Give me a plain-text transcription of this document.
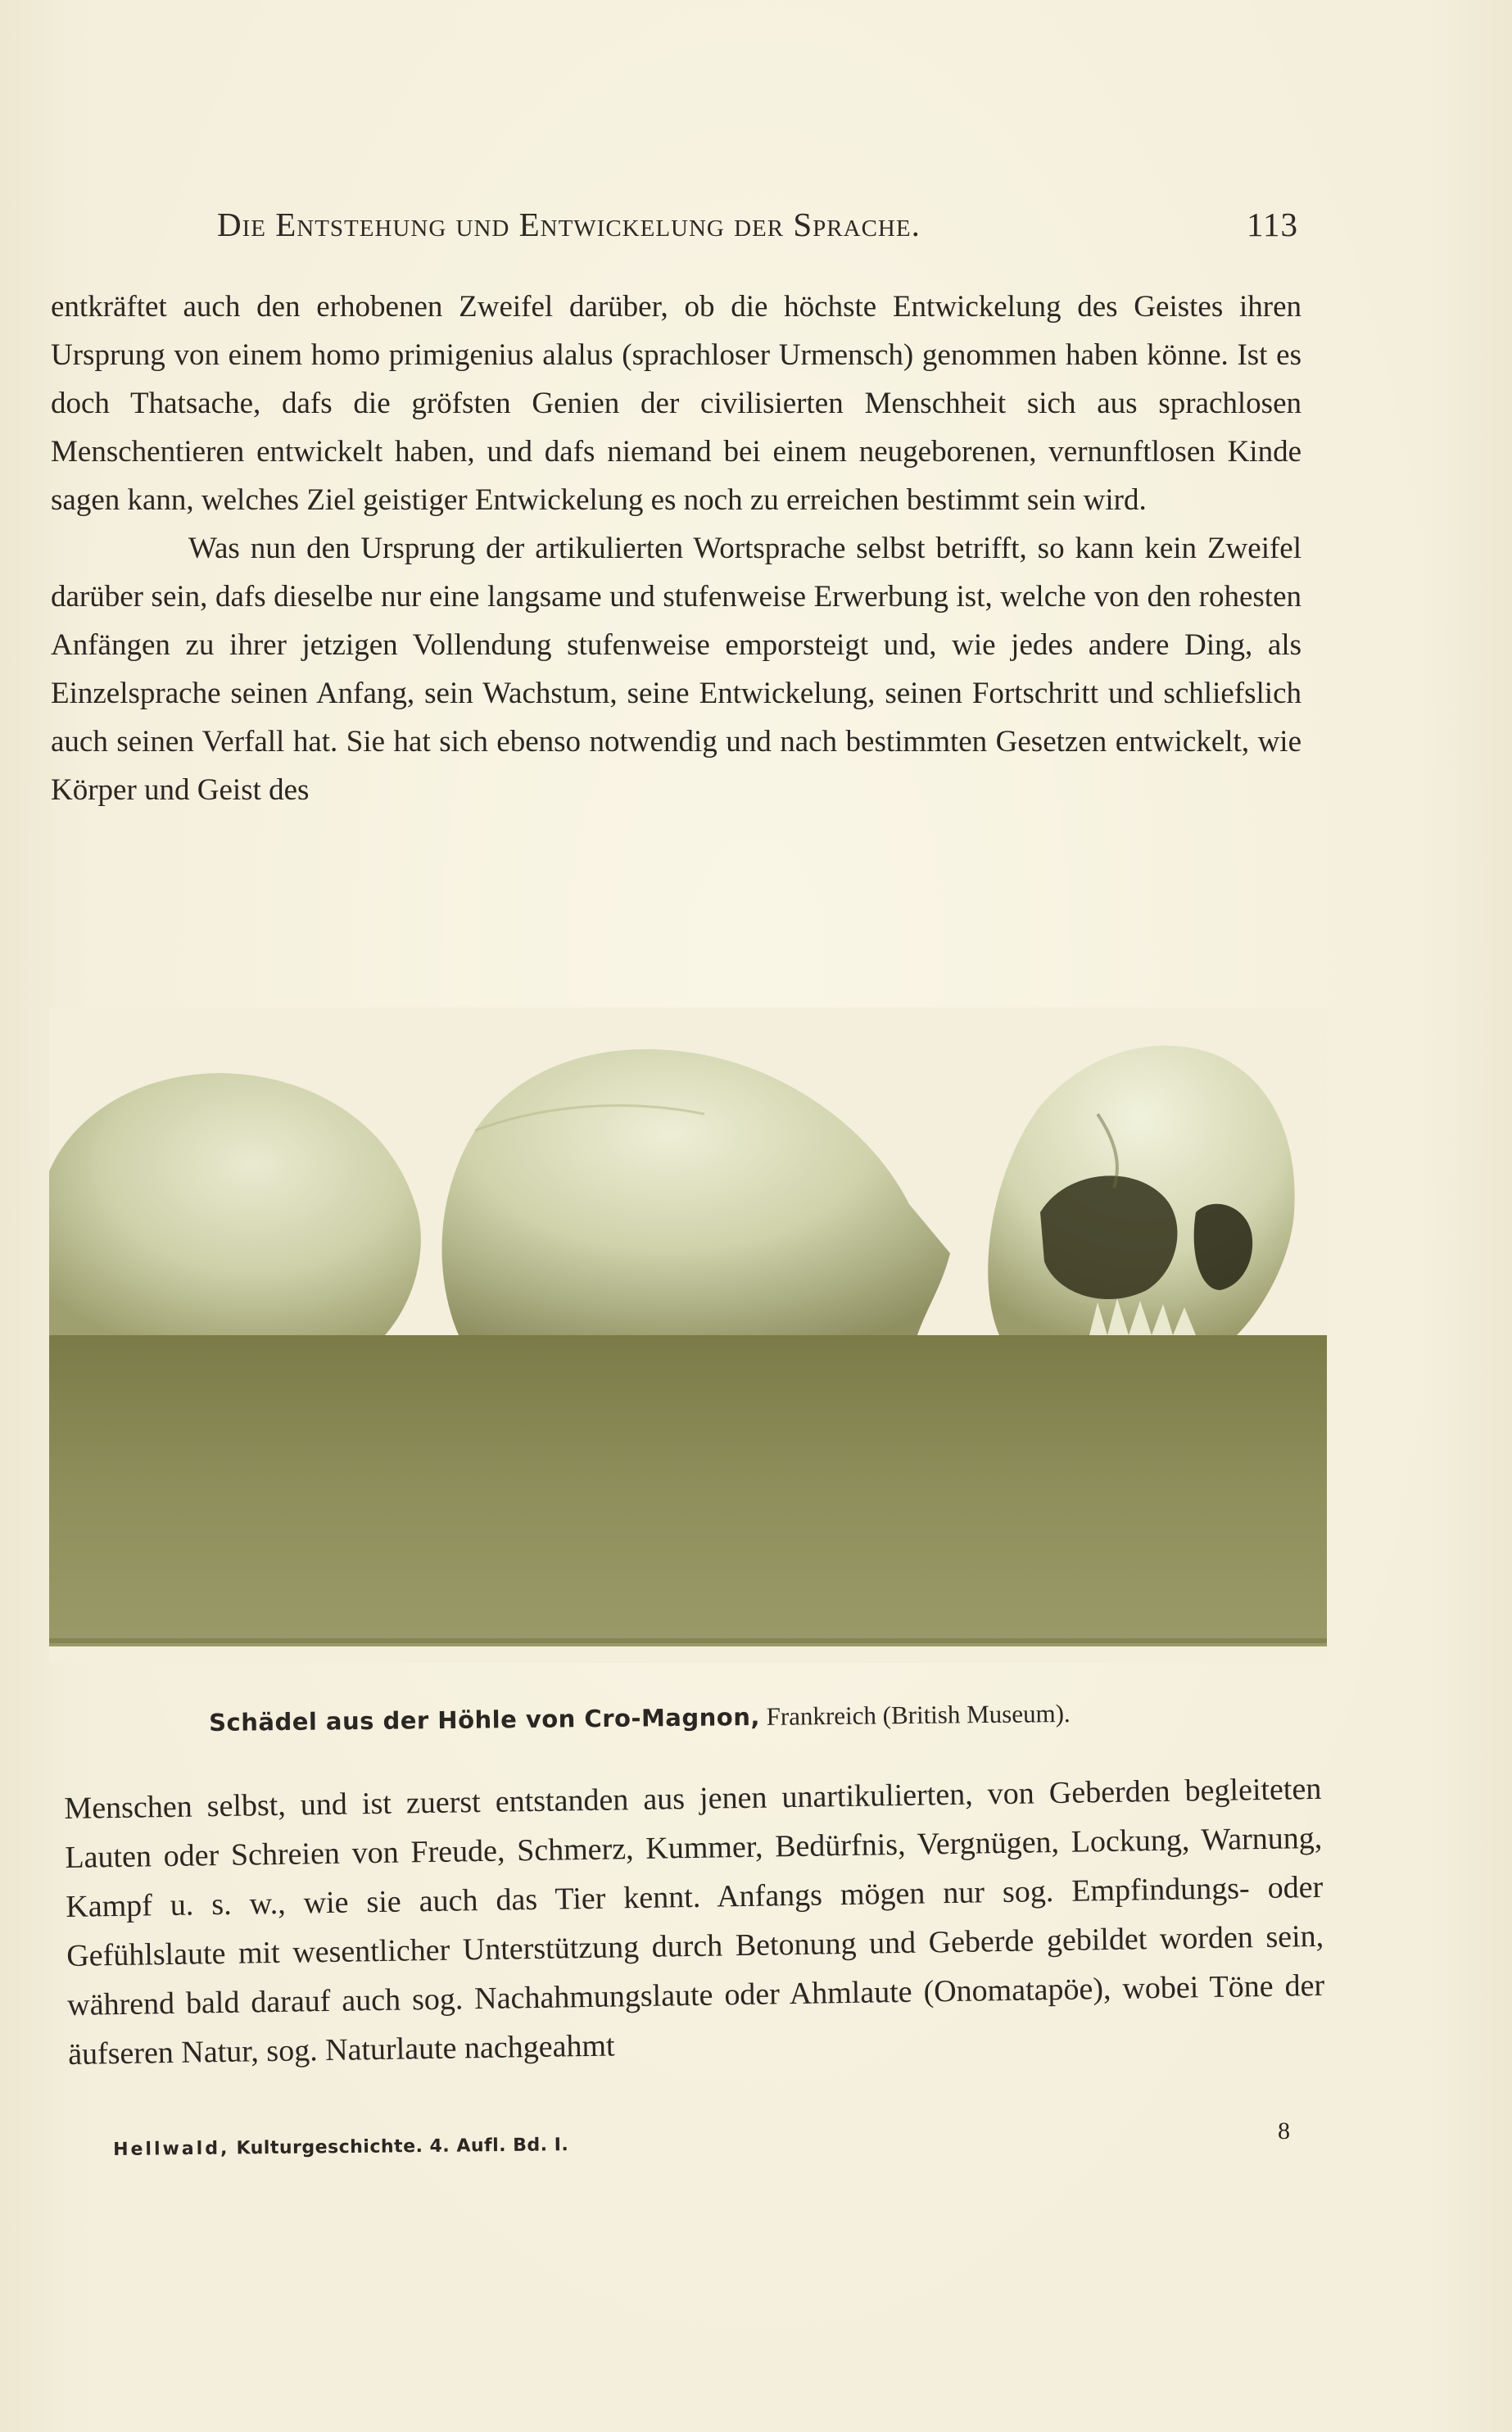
Die Entstehung und Entwickelung der Sprache.	113

entkräftet auch den erhobenen Zweifel darüber, ob die höchste Entwickelung des Geistes ihren Ursprung von einem homo primigenius alalus (sprachloser Urmensch) genommen haben könne. Ist es doch Thatsache, dafs die gröfsten Genien der civilisierten Menschheit sich aus sprachlosen Menschentieren entwickelt haben, und dafs niemand bei einem neugeborenen, vernunftlosen Kinde sagen kann, welches Ziel geistiger Entwickelung es noch zu erreichen bestimmt sein wird.

Was nun den Ursprung der artikulierten Wortsprache selbst betrifft, so kann kein Zweifel darüber sein, dafs dieselbe nur eine langsame und stufenweise Erwerbung ist, welche von den rohesten Anfängen zu ihrer jetzigen Vollendung stufenweise emporsteigt und, wie jedes andere Ding, als Einzelsprache seinen Anfang, sein Wachstum, seine Entwickelung, seinen Fortschritt und schliefslich auch seinen Verfall hat. Sie hat sich ebenso notwendig und nach bestimmten Gesetzen entwickelt, wie Körper und Geist des

Schädel aus der Höhle von Cro-Magnon, Frankreich (British Museum).

Menschen selbst, und ist zuerst entstanden aus jenen unartikulierten, von Geberden begleiteten Lauten oder Schreien von Freude, Schmerz, Kummer, Bedürfnis, Vergnügen, Lockung, Warnung, Kampf u. s. w., wie sie auch das Tier kennt. Anfangs mögen nur sog. Empfindungs- oder Gefühlslaute mit wesentlicher Unterstützung durch Betonung und Geberde gebildet worden sein, während bald darauf auch sog. Nachahmungslaute oder Ahmlaute (Onomatapöe), wobei Töne der äufseren Natur, sog. Naturlaute nachgeahmt

Hellwald, Kulturgeschichte. 4. Aufl. Bd. I.
8
